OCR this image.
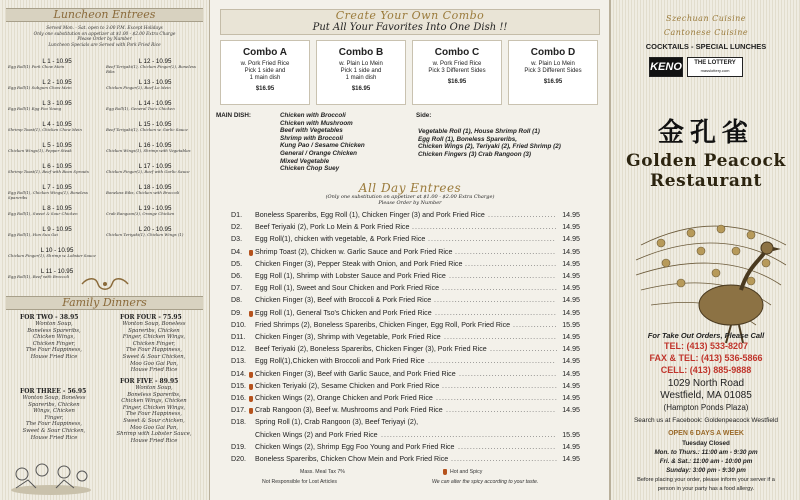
Luncheon Entrees
Served Mon. - Sat. open to 3:00 P.M. Except Holidays
Only one substitution on appetizer at $1.00 - $2.00 Extra Charge
Please Order by Number
Luncheon Specials are Served with Pork Fried Rice
L 1 - 10.95
Egg Roll(1) Pork Chow Mein
L 2 - 10.95
Egg Roll(1) Subgum Chow Mein
L 3 - 10.95
Egg Roll(1) Egg Foo Young
L 4 - 10.95
Shrimp Toast(1), Chicken Chow Mein
L 5 - 10.95
Chicken Wings(1), Pepper Steak
L 6 - 10.95
Shrimp Toast(1), Beef with Bean Sprouts
L 7 - 10.95
Egg Roll(1), Chicken Wings(1), Boneless Spareribs
L 8 - 10.95
Egg Roll(1), Sweet & Sour Chicken
L 9 - 10.95
Egg Roll(1), Hon Suu Gai
L 10 - 10.95
Chicken Finger(1), Shrimp w. Lobster Sauce
L 11 - 10.95
Egg Roll(1), Beef with Broccoli
L 12 - 10.95
Beef Teriyaki(1), Chicken Finger(2), Boneless Ribs
L 13 - 10.95
Chicken Finger(2), Beef Lo Mein
L 14 - 10.95
Egg Roll(1), General Tso's Chicken
L 15 - 10.95
Beef Teriyaki(1), Chicken w. Garlic Sauce
L 16 - 10.95
Chicken Wings(1), Shrimp with Vegetables
L 17 - 10.95
Chicken Finger(2), Beef with Garlic Sauce
L 18 - 10.95
Boneless Ribs, Chicken with Broccoli
L 19 - 10.95
Crab Rangoon(3), Orange Chicken
L 20 - 10.95
Chicken Teriyaki(1), Chicken Wings (1)
Family Dinners
FOR TWO - 38.95
Wonton Soup,
Boneless Spareribs,
Chicken Wings,
Chicken Finger,
The Four Happiness,
House Fried Rice
FOR FOUR - 75.95
Wonton Soup, Boneless
Spareribs, Chicken
Finger, Chicken Wings,
Chicken Finger,
The Four Happiness,
Sweet & Sour Chicken,
Moo Goo Gai Pan,
House Fried Rice
FOR THREE - 56.95
Wonton Soup, Boneless
Spareribs, Chicken
Wings, Chicken
Finger,
The Four Happiness,
Sweet & Sour Chicken,
House Fried Rice
FOR FIVE - 89.95
Wonton Soup,
Boneless Spareribs,
Chicken Wings, Chicken
Finger, Chicken Wings,
The Four Happiness,
Sweet & Sour chicken,
Moo Goo Gai Pan,
Shrimp with Lobster Sauce,
House Fried Rice
Create Your Own Combo
Put All Your Favorites Into One Dish !!
Combo A
w. Pork Fried Rice
Pick 1 side and
1 main dish
$16.95
Combo B
w. Plain Lo Mein
Pick 1 side and
1 main dish
$16.95
Combo C
w. Pork Fried Rice
Pick 3 Different Sides
$16.95
Combo D
w. Plain Lo Mein
Pick 3 Different Sides
$16.95
MAIN DISH:	Chicken with Broccoli
Chicken with Mushroom
Beef with Vegetables
Shrimp with Broccoli
Kung Pao / Sesame Chicken
General / Orange Chicken
Mixed Vegetable
Chicken Chop Suey
Side:
Vegetable Roll (1), House Shrimp Roll (1)
Egg Roll (1), Boneless Spareribs,
Chicken Wings (2), Teriyaki (2), Fried Shrimp (2)
Chicken Fingers (3) Crab Rangoon (3)
All Day Entrees
(Only one substitution on appetizer at $1.00 - $2.00 Extra Charge)
Please Order by Number
D1. Boneless Spareribs, Egg Roll (1), Chicken Finger (3) and Pork Fried Rice ....................... 14.95
D2. Beef Teriyaki (2), Pork Lo Mein & Pork Fried Rice ................................................. 14.95
D3. Egg Roll(1), chicken with vegetable, & Pork Fried Rice ........................................... 14.95
D4. Shrimp Toast (2), Chicken w. Garlic Sauce and Pork Fried Rice .................................. 14.95
D5. Chicken Finger (3), Pepper Steak with Onion, and Pork Fried Rice ............................... 14.95
D6. Egg Roll (1), Shrimp with Lobster Sauce and Pork Fried Rice .................................... 14.95
D7. Egg Roll (1), Sweet and Sour Chicken and Pork Fried Rice ....................................... 14.95
D8. Chicken Finger (3), Beef with Broccoli & Pork Fried Rice ......................................... 14.95
D9. Egg Roll (1), General Tso's Chicken and Pork Fried Rice ......................................... 14.95
D10. Fried Shrimps (2), Boneless Spareribs, Chicken Finger, Egg Roll, Pork Fried Rice ............... 15.95
D11. Chicken Finger (3), Shrimp with Vegetable, Pork Fried Rice ...................................... 14.95
D12. Beef Teriyaki (2), Boneless Spareribs, Chicken Finger (3), Pork Fried Rice ....................... 14.95
D13. Egg Roll(1),Chicken with Broccoli and Pork Fried Rice ........................................... 14.95
D14. Chicken Finger (3), Beef with Garlic Sauce, and Pork Fried Rice ................................. 14.95
D15. Chicken Teriyaki (2), Sesame Chicken and Pork Fried Rice ....................................... 14.95
D16. Chicken Wings (2), Orange Chicken and Pork Fried Rice ......................................... 14.95
D17. Crab Rangoon (3), Beef w. Mushrooms and Pork Fried Rice ..................................... 14.95
D18. Spring Roll (1), Crab Rangoon (3), Beef Teriyayi (2),
Chicken Wings (2) and Pork Fried Rice ........................................................... 15.95
D19. Chicken Wings (2), Shrimp Egg Foo Young and Pork Fried Rice ................................. 14.95
D20. Boneless Spareribs, Chicken Chow Mein and Pork Fried Rice .................................... 14.95
Mass. Meal Tax 7%
Not Responsible for Lost Articles
Hot and Spicy
We can alter the spicy according to your taste.
Szechuan Cuisine
Cantonese Cuisine
COCKTAILS - SPECIAL LUNCHES
KENO	THE LOTTERY
masslottery.com
金孔雀
Golden Peacock
Restaurant
For Take Out Orders, Please Call
TEL: (413) 533-8207
FAX & TEL: (413) 536-5866
CELL: (413) 885-9888
1029 North Road
Westfield, MA 01085
(Hampton Ponds Plaza)
Search us at Facebook: Goldenpeacock Westfield
OPEN 6 DAYS A WEEK
Tuesday Closed
Mon. to Thurs.: 11:00 am - 9:30 pm
Fri. & Sat.: 11:00 am - 10:00 pm
Sunday: 3:00 pm - 9:30 pm
Before placing your order, please inform your server if a
person in your party has a food allergy.
